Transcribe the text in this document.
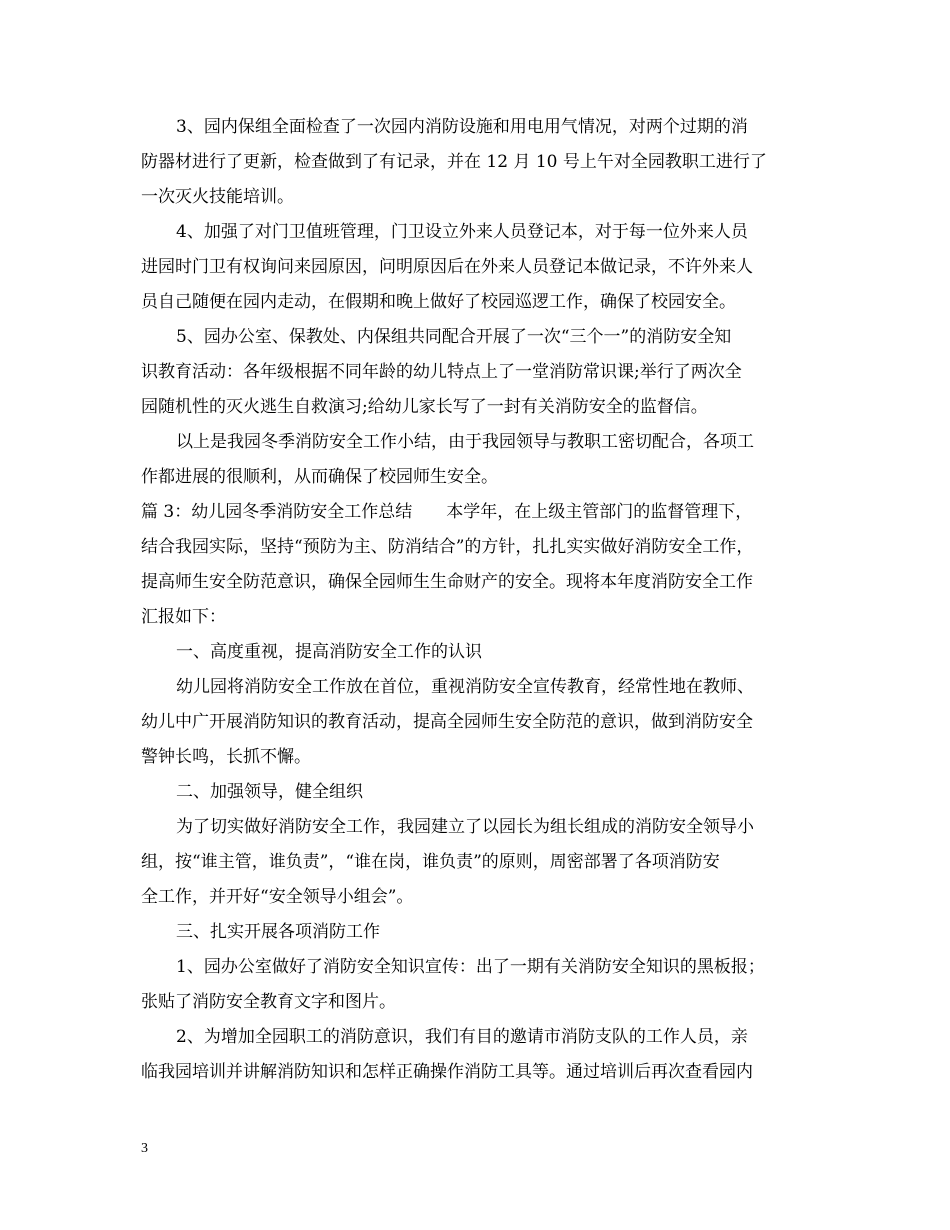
3、园内保组全面检查了一次园内消防设施和用电用气情况，对两个过期的消
防器材进行了更新，检查做到了有记录，并在 12 月 10 号上午对全园教职工进行了
一次灭火技能培训。
4、加强了对门卫值班管理，门卫设立外来人员登记本，对于每一位外来人员
进园时门卫有权询问来园原因，问明原因后在外来人员登记本做记录，不许外来人
员自己随便在园内走动，在假期和晚上做好了校园巡逻工作，确保了校园安全。
5、园办公室、保教处、内保组共同配合开展了一次“三个一”的消防安全知
识教育活动：各年级根据不同年龄的幼儿特点上了一堂消防常识课;举行了两次全
园随机性的灭火逃生自救演习;给幼儿家长写了一封有关消防安全的监督信。
以上是我园冬季消防安全工作小结，由于我园领导与教职工密切配合，各项工
作都进展的很顺利，从而确保了校园师生安全。
篇 3：幼儿园冬季消防安全工作总结　　本学年，在上级主管部门的监督管理下，
结合我园实际，坚持“预防为主、防消结合”的方针，扎扎实实做好消防安全工作，
提高师生安全防范意识，确保全园师生生命财产的安全。现将本年度消防安全工作
汇报如下：
一、高度重视，提高消防安全工作的认识
幼儿园将消防安全工作放在首位，重视消防安全宣传教育，经常性地在教师、
幼儿中广开展消防知识的教育活动，提高全园师生安全防范的意识，做到消防安全
警钟长鸣，长抓不懈。
二、加强领导，健全组织
为了切实做好消防安全工作，我园建立了以园长为组长组成的消防安全领导小
组，按“谁主管，谁负责”，“谁在岗，谁负责”的原则，周密部署了各项消防安
全工作，并开好“安全领导小组会”。
三、扎实开展各项消防工作
1、园办公室做好了消防安全知识宣传：出了一期有关消防安全知识的黑板报；
张贴了消防安全教育文字和图片。
2、为增加全园职工的消防意识，我们有目的邀请市消防支队的工作人员，亲
临我园培训并讲解消防知识和怎样正确操作消防工具等。通过培训后再次查看园内
3
